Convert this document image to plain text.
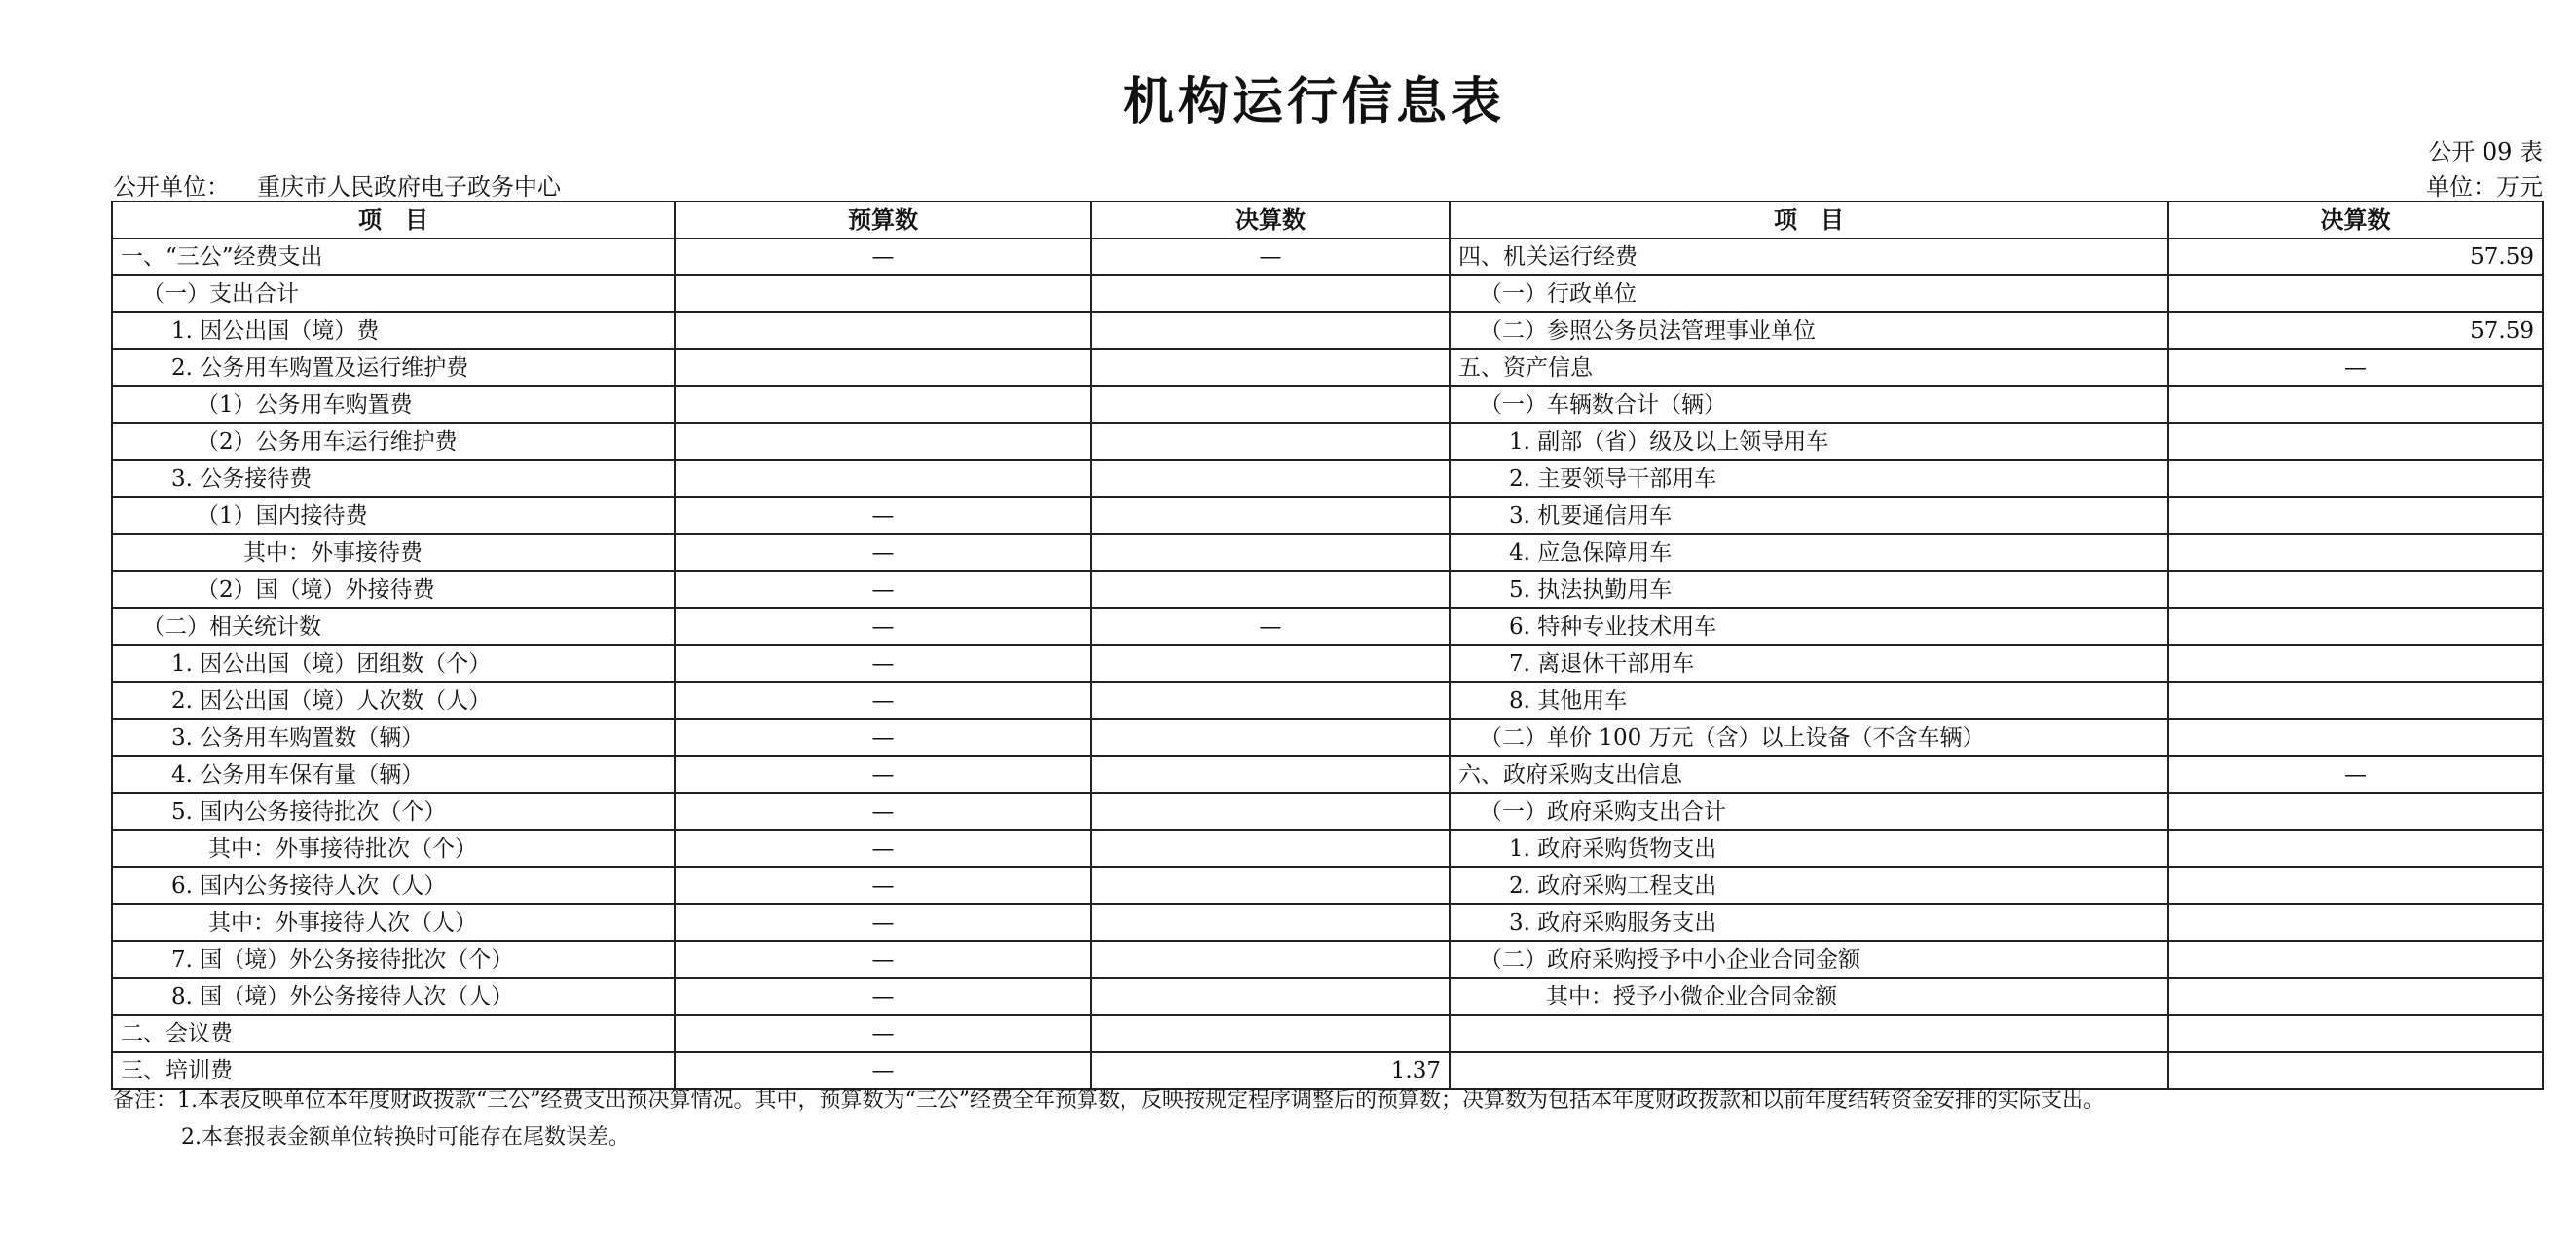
机构运行信息表
公开 09 表
公开单位： 重庆市人民政府电子政务中心	单位：万元
项　目	预算数	决算数	项　目	决算数
一、“三公”经费支出	—	—	四、机关运行经费	57.59
（一）支出合计			（一）行政单位	
1. 因公出国（境）费			（二）参照公务员法管理事业单位	57.59
2. 公务用车购置及运行维护费			五、资产信息	—
（1）公务用车购置费			（一）车辆数合计（辆）	
（2）公务用车运行维护费			1. 副部（省）级及以上领导用车	
3. 公务接待费			2. 主要领导干部用车	
（1）国内接待费	—		3. 机要通信用车	
其中：外事接待费	—		4. 应急保障用车	
（2）国（境）外接待费	—		5. 执法执勤用车	
（二）相关统计数	—	—	6. 特种专业技术用车	
1. 因公出国（境）团组数（个）	—		7. 离退休干部用车	
2. 因公出国（境）人次数（人）	—		8. 其他用车	
3. 公务用车购置数（辆）	—		（二）单价 100 万元（含）以上设备（不含车辆）	
4. 公务用车保有量（辆）	—		六、政府采购支出信息	—
5. 国内公务接待批次（个）	—		（一）政府采购支出合计	
其中：外事接待批次（个）	—		1. 政府采购货物支出	
6. 国内公务接待人次（人）	—		2. 政府采购工程支出	
其中：外事接待人次（人）	—		3. 政府采购服务支出	
7. 国（境）外公务接待批次（个）	—		（二）政府采购授予中小企业合同金额	
8. 国（境）外公务接待人次（人）	—		其中：授予小微企业合同金额	
二、会议费	—			
三、培训费	—	1.37		
备注：1.本表反映单位本年度财政拨款“三公”经费支出预决算情况。其中，预算数为“三公”经费全年预算数，反映按规定程序调整后的预算数；决算数为包括本年度财政拨款和以前年度结转资金安排的实际支出。
2.本套报表金额单位转换时可能存在尾数误差。
